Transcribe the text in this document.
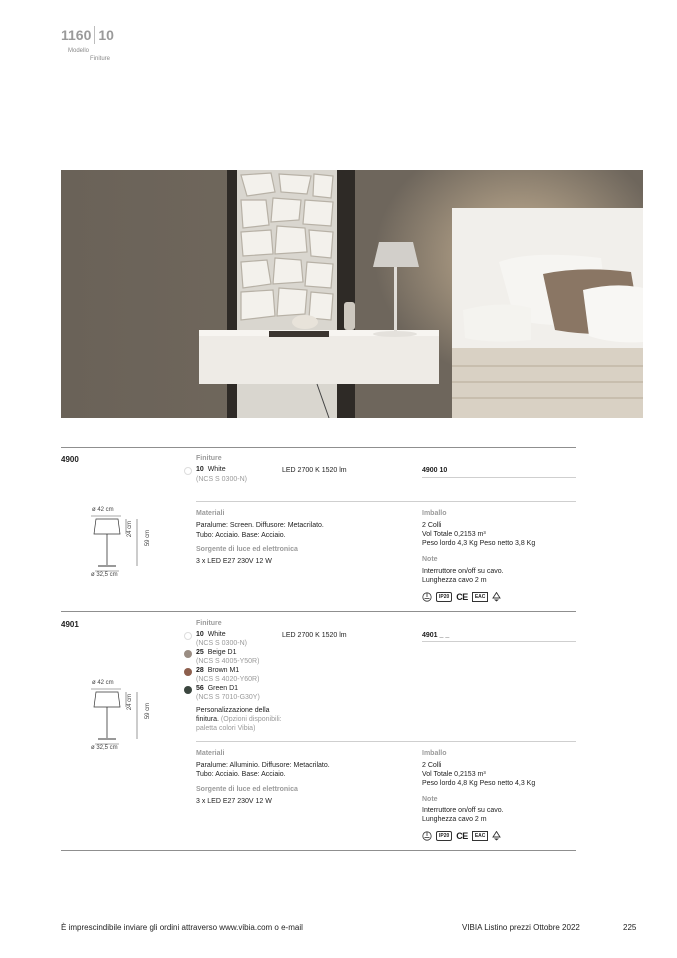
1160 10
Modello
Finiture
4900	Finiture
10 White
(NCS S 0300-N)
LED 2700 K 1520 lm	4900 10
ø 42 cm
24 cm
59 cm
ø 32,5 cm
Materiali
Paralume: Screen. Diffusore: Metacrilato.
Tubo: Acciaio. Base: Acciaio.
Sorgente di luce ed elettronica
3 x LED E27 230V 12 W
Imballo
2 Colli
Vol Totale 0,2153 m³
Peso lordo 4,3 Kg Peso netto 3,8 Kg
Note
Interruttore on/off su cavo.
Lunghezza cavo 2 m
IP20 CE	EAC
4901	Finiture
10 White
(NCS S 0300-N)
25 Beige D1
(NCS S 4005-Y50R)
28 Brown M1
(NCS S 4020-Y60R)
56 Green D1
(NCS S 7010-G30Y)
Personalizzazione della
finitura. (Opzioni disponibili:
paletta colori Vibia)
LED 2700 K 1520 lm	4901 _ _
ø 42 cm
24 cm
59 cm
ø 32,5 cm
Materiali
Paralume: Alluminio. Diffusore: Metacrilato.
Tubo: Acciaio. Base: Acciaio.
Sorgente di luce ed elettronica
3 x LED E27 230V 12 W
Imballo
2 Colli
Vol Totale 0,2153 m³
Peso lordo 4,8 Kg Peso netto 4,3 Kg
Note
Interruttore on/off su cavo.
Lunghezza cavo 2 m
IP20 CE	EAC
È imprescindibile inviare gli ordini attraverso www.vibia.com o e-mail	VIBIA Listino prezzi Ottobre 2022	225
